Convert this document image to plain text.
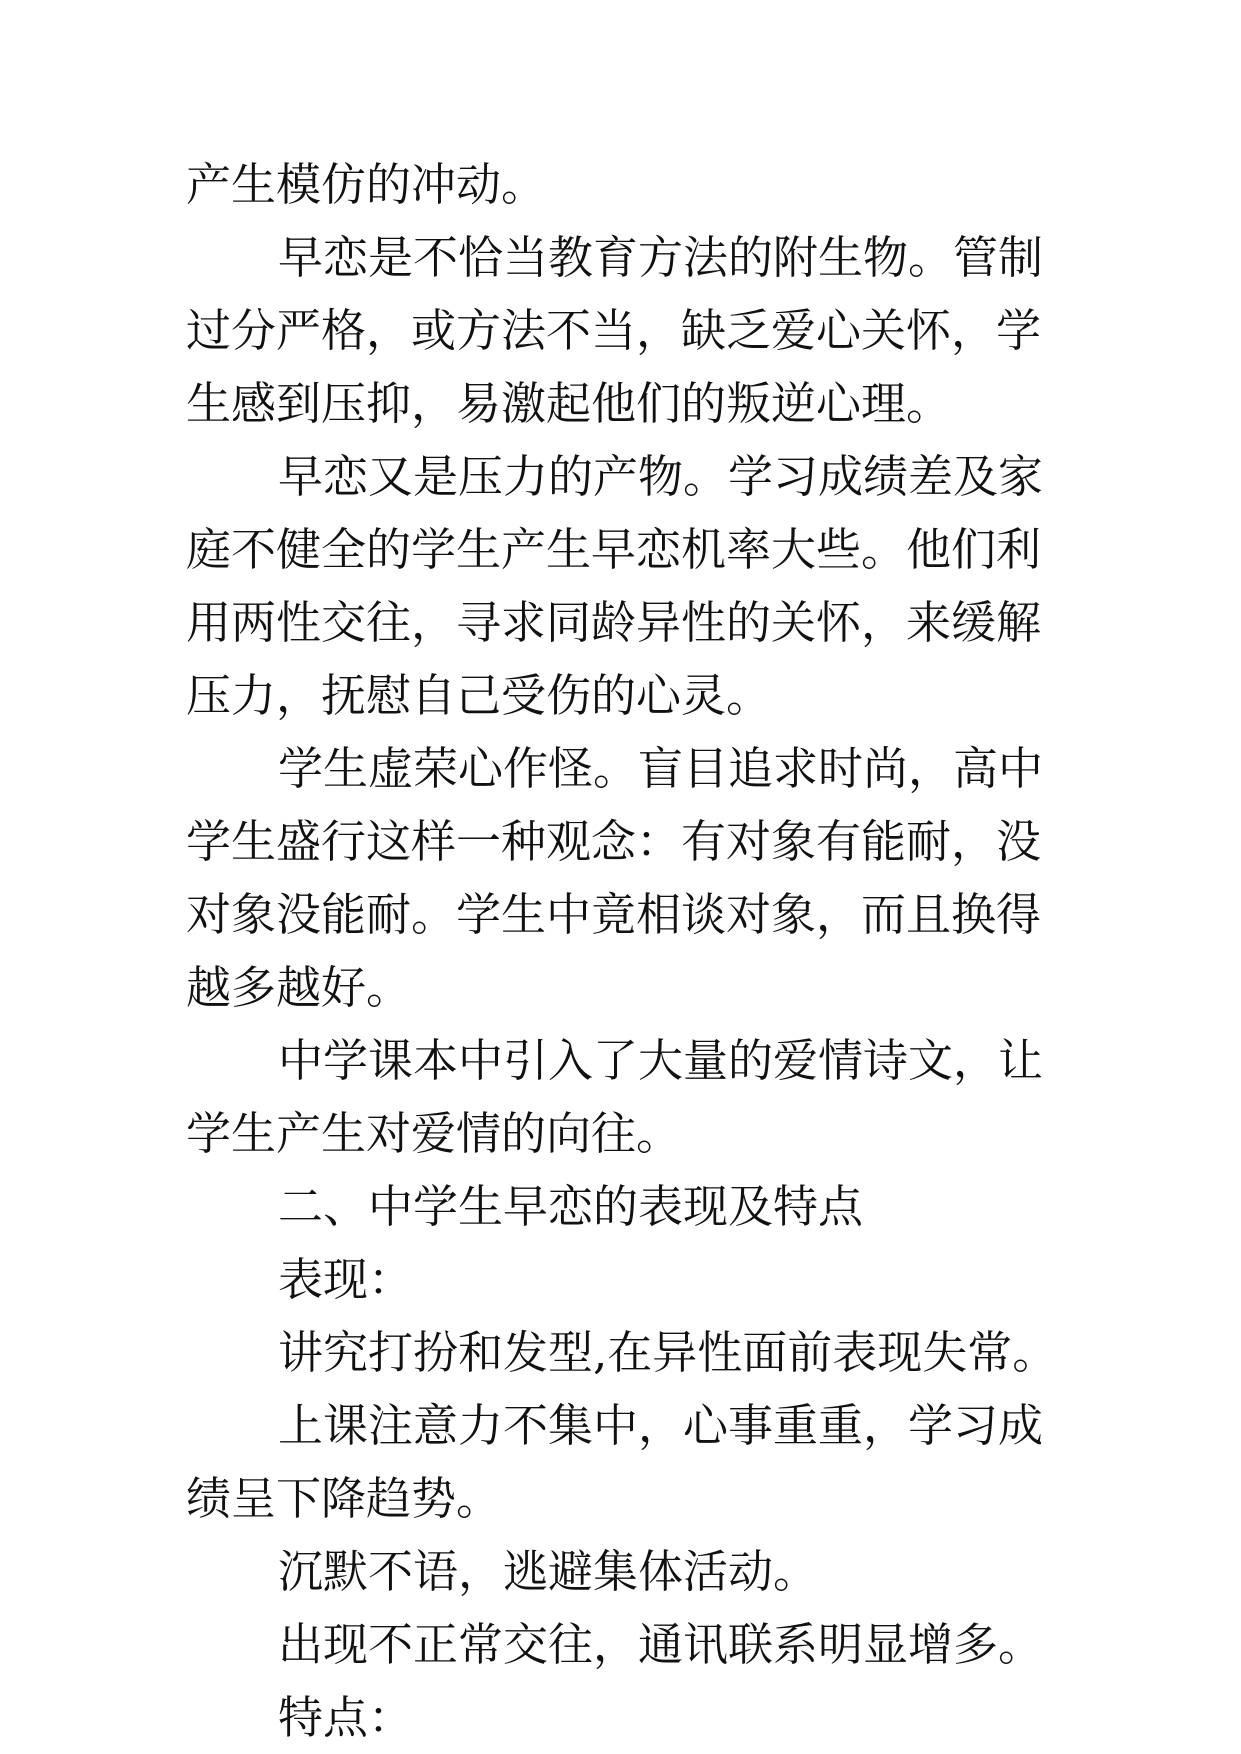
产生模仿的冲动。
早恋是不恰当教育方法的附生物。管制
过分严格，或方法不当，缺乏爱心关怀，学
生感到压抑，易激起他们的叛逆心理。
早恋又是压力的产物。学习成绩差及家
庭不健全的学生产生早恋机率大些。他们利
用两性交往，寻求同龄异性的关怀，来缓解
压力，抚慰自己受伤的心灵。
学生虚荣心作怪。盲目追求时尚，高中
学生盛行这样一种观念：有对象有能耐，没
对象没能耐。学生中竟相谈对象，而且换得
越多越好。
中学课本中引入了大量的爱情诗文，让
学生产生对爱情的向往。
二、中学生早恋的表现及特点
表现：
讲究打扮和发型,在异性面前表现失常。
上课注意力不集中，心事重重，学习成
绩呈下降趋势。
沉默不语，逃避集体活动。
出现不正常交往，通讯联系明显增多。
特点：
